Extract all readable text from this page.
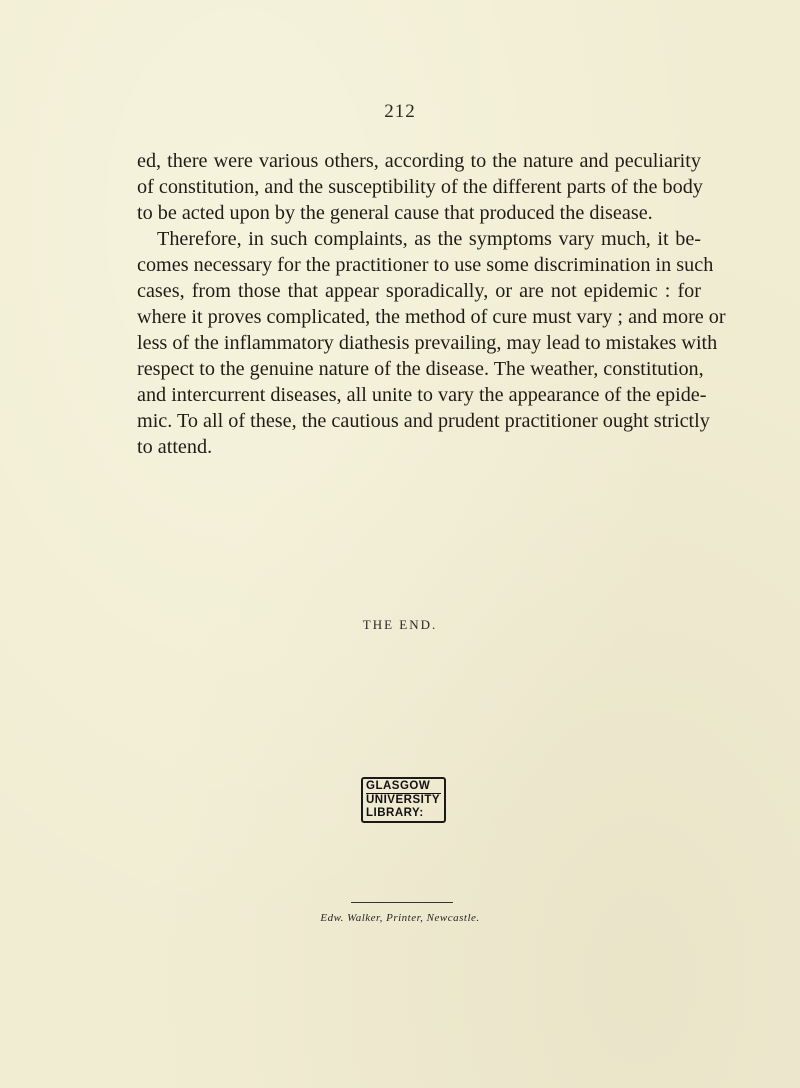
212
ed, there were various others, according to the nature and peculiarity
of constitution, and the susceptibility of the different parts of the body
to be acted upon by the general cause that produced the disease.
Therefore, in such complaints, as the symptoms vary much, it be-
comes necessary for the practitioner to use some discrimination in such
cases, from those that appear sporadically, or are not epidemic : for
where it proves complicated, the method of cure must vary ; and more or
less of the inflammatory diathesis prevailing, may lead to mistakes with
respect to the genuine nature of the disease. The weather, constitution,
and intercurrent diseases, all unite to vary the appearance of the epide-
mic. To all of these, the cautious and prudent practitioner ought strictly
to attend.
THE END.
GLASGOW
UNIVERSITY
LIBRARY:
Edw. Walker, Printer, Newcastle.
